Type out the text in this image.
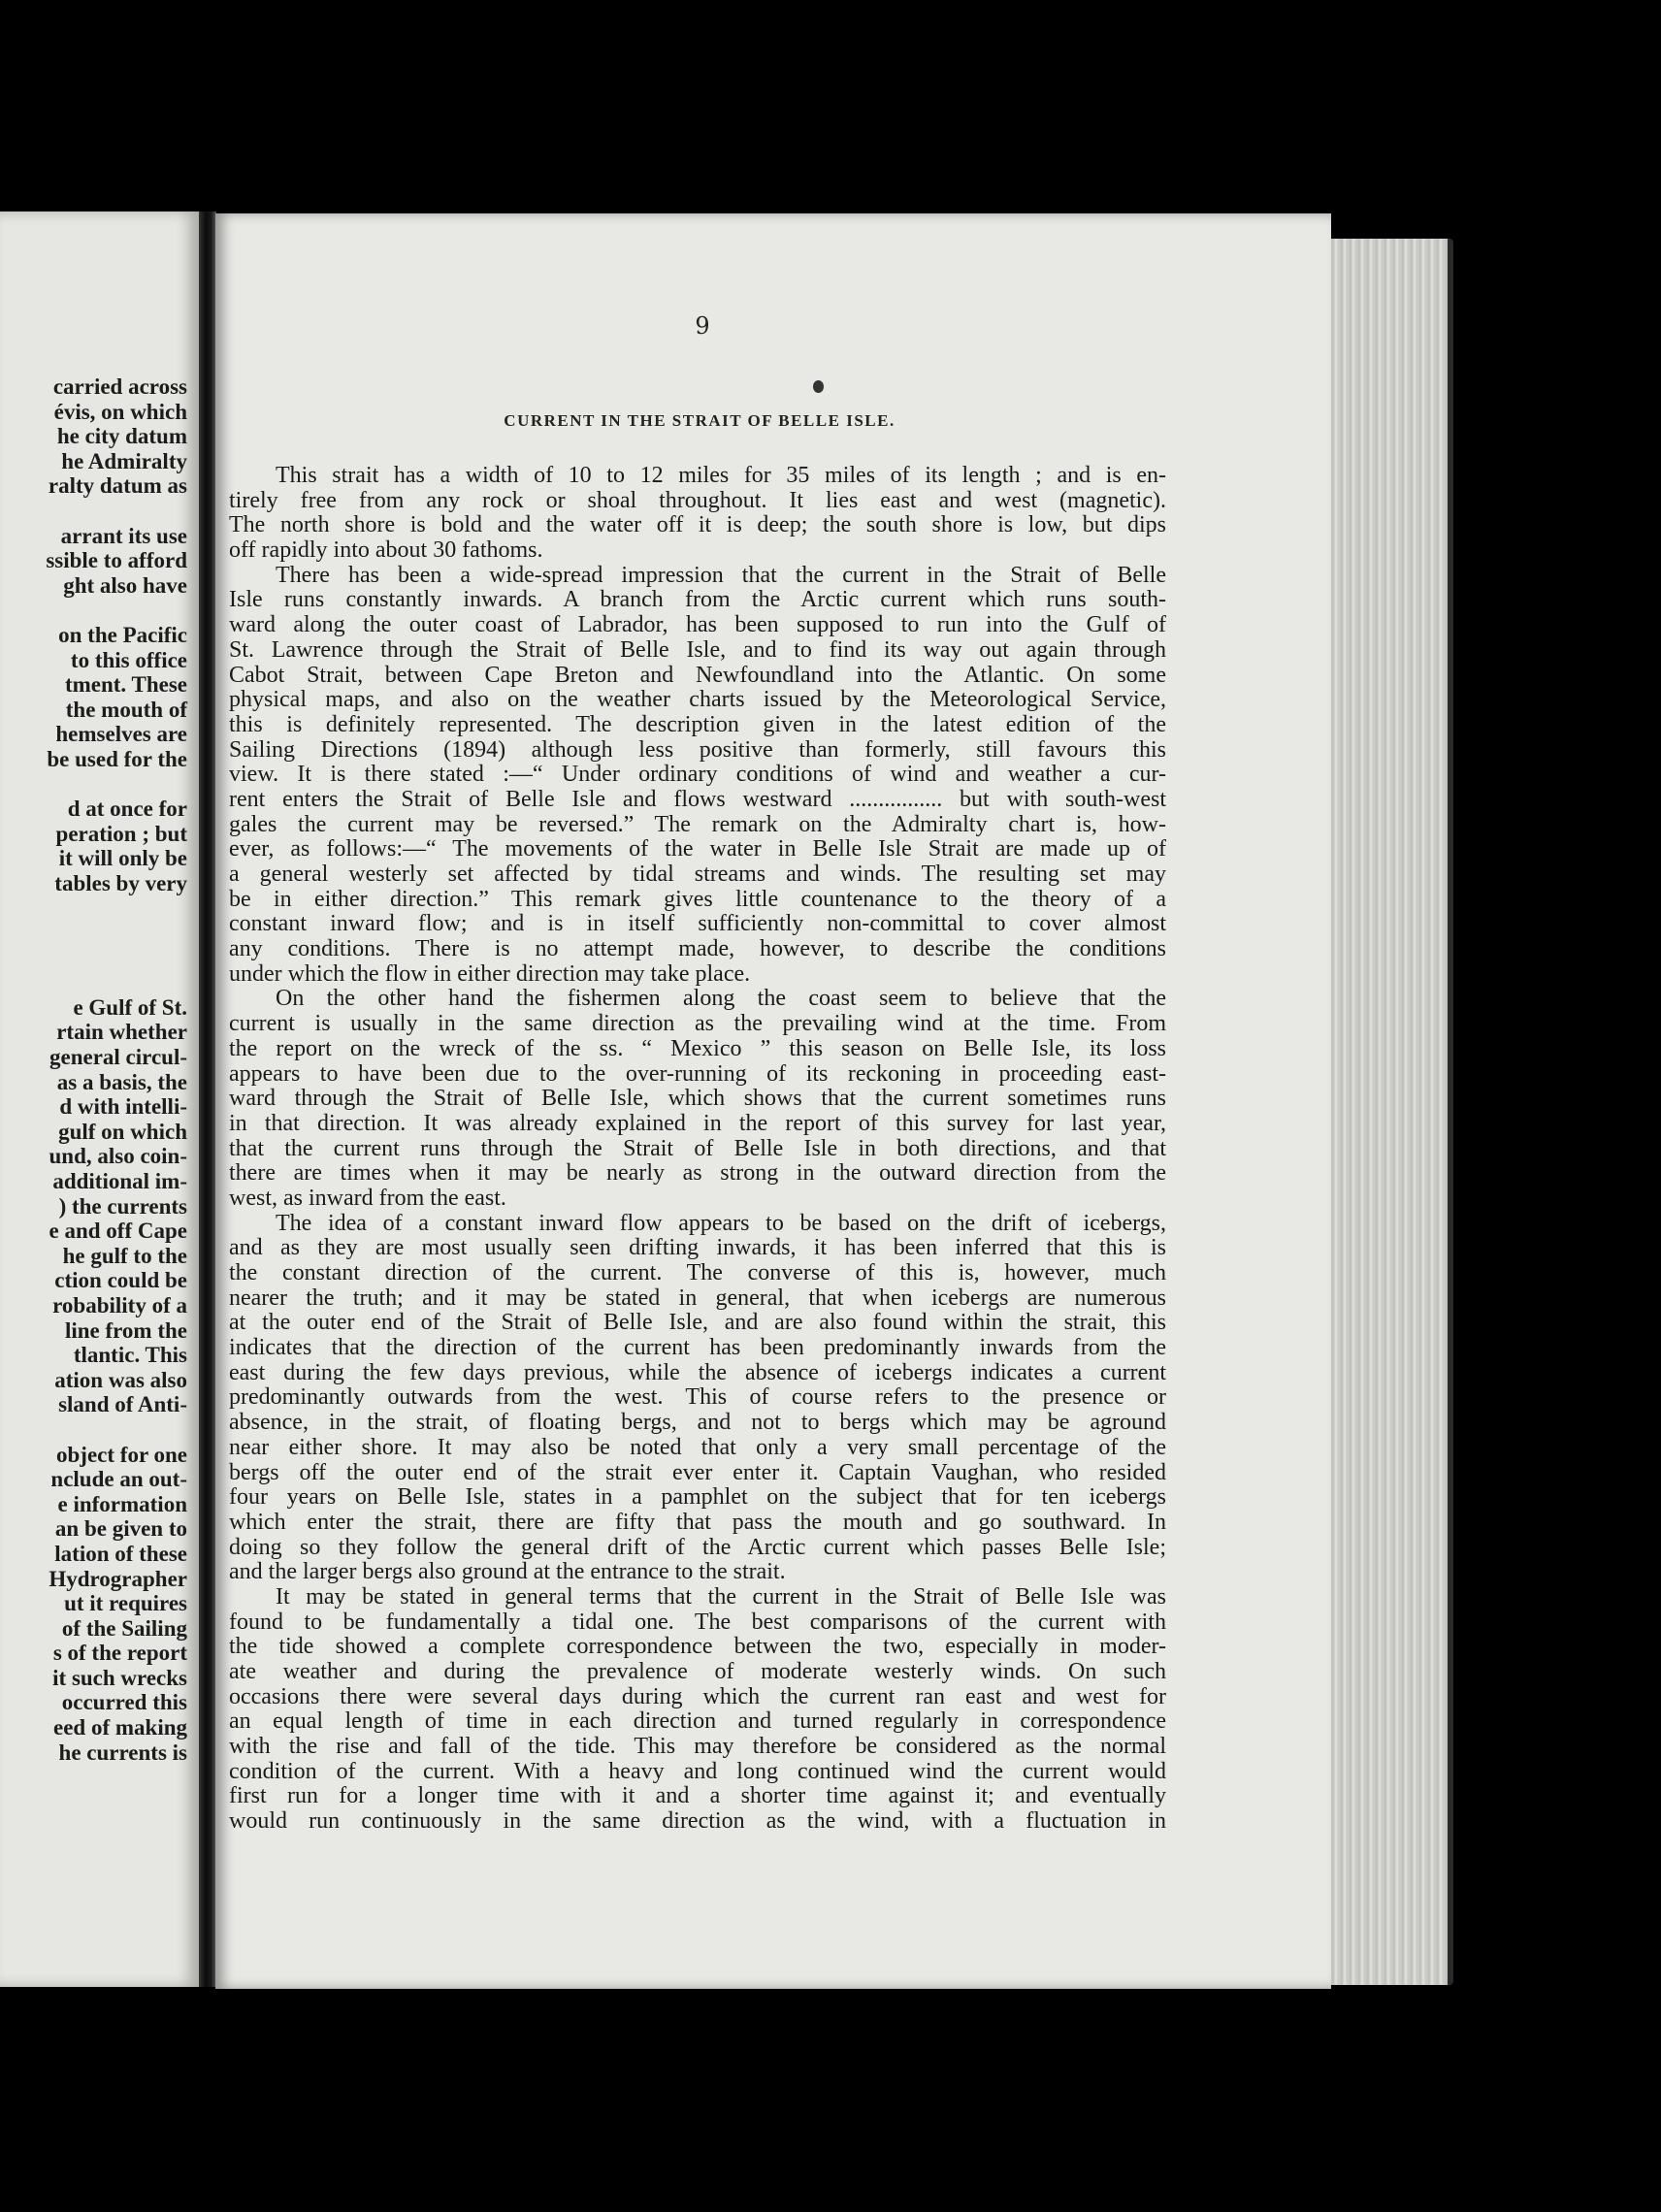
carried across
évis, on which
he city datum
he Admiralty
ralty datum as
arrant its use
ssible to afford
ght also have
on the Pacific
to this office
tment. These
the mouth of
hemselves are
be used for the
d at once for
peration ; but
it will only be
tables by very
e Gulf of St.
rtain whether
general circul-
as a basis, the
d with intelli-
gulf on which
und, also coin-
additional im-
) the currents
e and off Cape
he gulf to the
ction could be
robability of a
line from the
tlantic. This
ation was also
sland of Anti-
object for one
nclude an out-
e information
an be given to
lation of these
Hydrographer
ut it requires
of the Sailing
s of the report
it such wrecks
occurred this
eed of making
he currents is
9
CURRENT IN THE STRAIT OF BELLE ISLE.
This strait has a width of 10 to 12 miles for 35 miles of its length ; and is en-
tirely free from any rock or shoal throughout. It lies east and west (magnetic).
The north shore is bold and the water off it is deep; the south shore is low, but dips
off rapidly into about 30 fathoms.
There has been a wide-spread impression that the current in the Strait of Belle
Isle runs constantly inwards. A branch from the Arctic current which runs south-
ward along the outer coast of Labrador, has been supposed to run into the Gulf of
St. Lawrence through the Strait of Belle Isle, and to find its way out again through
Cabot Strait, between Cape Breton and Newfoundland into the Atlantic. On some
physical maps, and also on the weather charts issued by the Meteorological Service,
this is definitely represented. The description given in the latest edition of the
Sailing Directions (1894) although less positive than formerly, still favours this
view. It is there stated :—“ Under ordinary conditions of wind and weather a cur-
rent enters the Strait of Belle Isle and flows westward ................ but with south-west
gales the current may be reversed.” The remark on the Admiralty chart is, how-
ever, as follows:—“ The movements of the water in Belle Isle Strait are made up of
a general westerly set affected by tidal streams and winds. The resulting set may
be in either direction.” This remark gives little countenance to the theory of a
constant inward flow; and is in itself sufficiently non-committal to cover almost
any conditions. There is no attempt made, however, to describe the conditions
under which the flow in either direction may take place.
On the other hand the fishermen along the coast seem to believe that the
current is usually in the same direction as the prevailing wind at the time. From
the report on the wreck of the ss. “ Mexico ” this season on Belle Isle, its loss
appears to have been due to the over-running of its reckoning in proceeding east-
ward through the Strait of Belle Isle, which shows that the current sometimes runs
in that direction. It was already explained in the report of this survey for last year,
that the current runs through the Strait of Belle Isle in both directions, and that
there are times when it may be nearly as strong in the outward direction from the
west, as inward from the east.
The idea of a constant inward flow appears to be based on the drift of icebergs,
and as they are most usually seen drifting inwards, it has been inferred that this is
the constant direction of the current. The converse of this is, however, much
nearer the truth; and it may be stated in general, that when icebergs are numerous
at the outer end of the Strait of Belle Isle, and are also found within the strait, this
indicates that the direction of the current has been predominantly inwards from the
east during the few days previous, while the absence of icebergs indicates a current
predominantly outwards from the west. This of course refers to the presence or
absence, in the strait, of floating bergs, and not to bergs which may be aground
near either shore. It may also be noted that only a very small percentage of the
bergs off the outer end of the strait ever enter it. Captain Vaughan, who resided
four years on Belle Isle, states in a pamphlet on the subject that for ten icebergs
which enter the strait, there are fifty that pass the mouth and go southward. In
doing so they follow the general drift of the Arctic current which passes Belle Isle;
and the larger bergs also ground at the entrance to the strait.
It may be stated in general terms that the current in the Strait of Belle Isle was
found to be fundamentally a tidal one. The best comparisons of the current with
the tide showed a complete correspondence between the two, especially in moder-
ate weather and during the prevalence of moderate westerly winds. On such
occasions there were several days during which the current ran east and west for
an equal length of time in each direction and turned regularly in correspondence
with the rise and fall of the tide. This may therefore be considered as the normal
condition of the current. With a heavy and long continued wind the current would
first run for a longer time with it and a shorter time against it; and eventually
would run continuously in the same direction as the wind, with a fluctuation in
